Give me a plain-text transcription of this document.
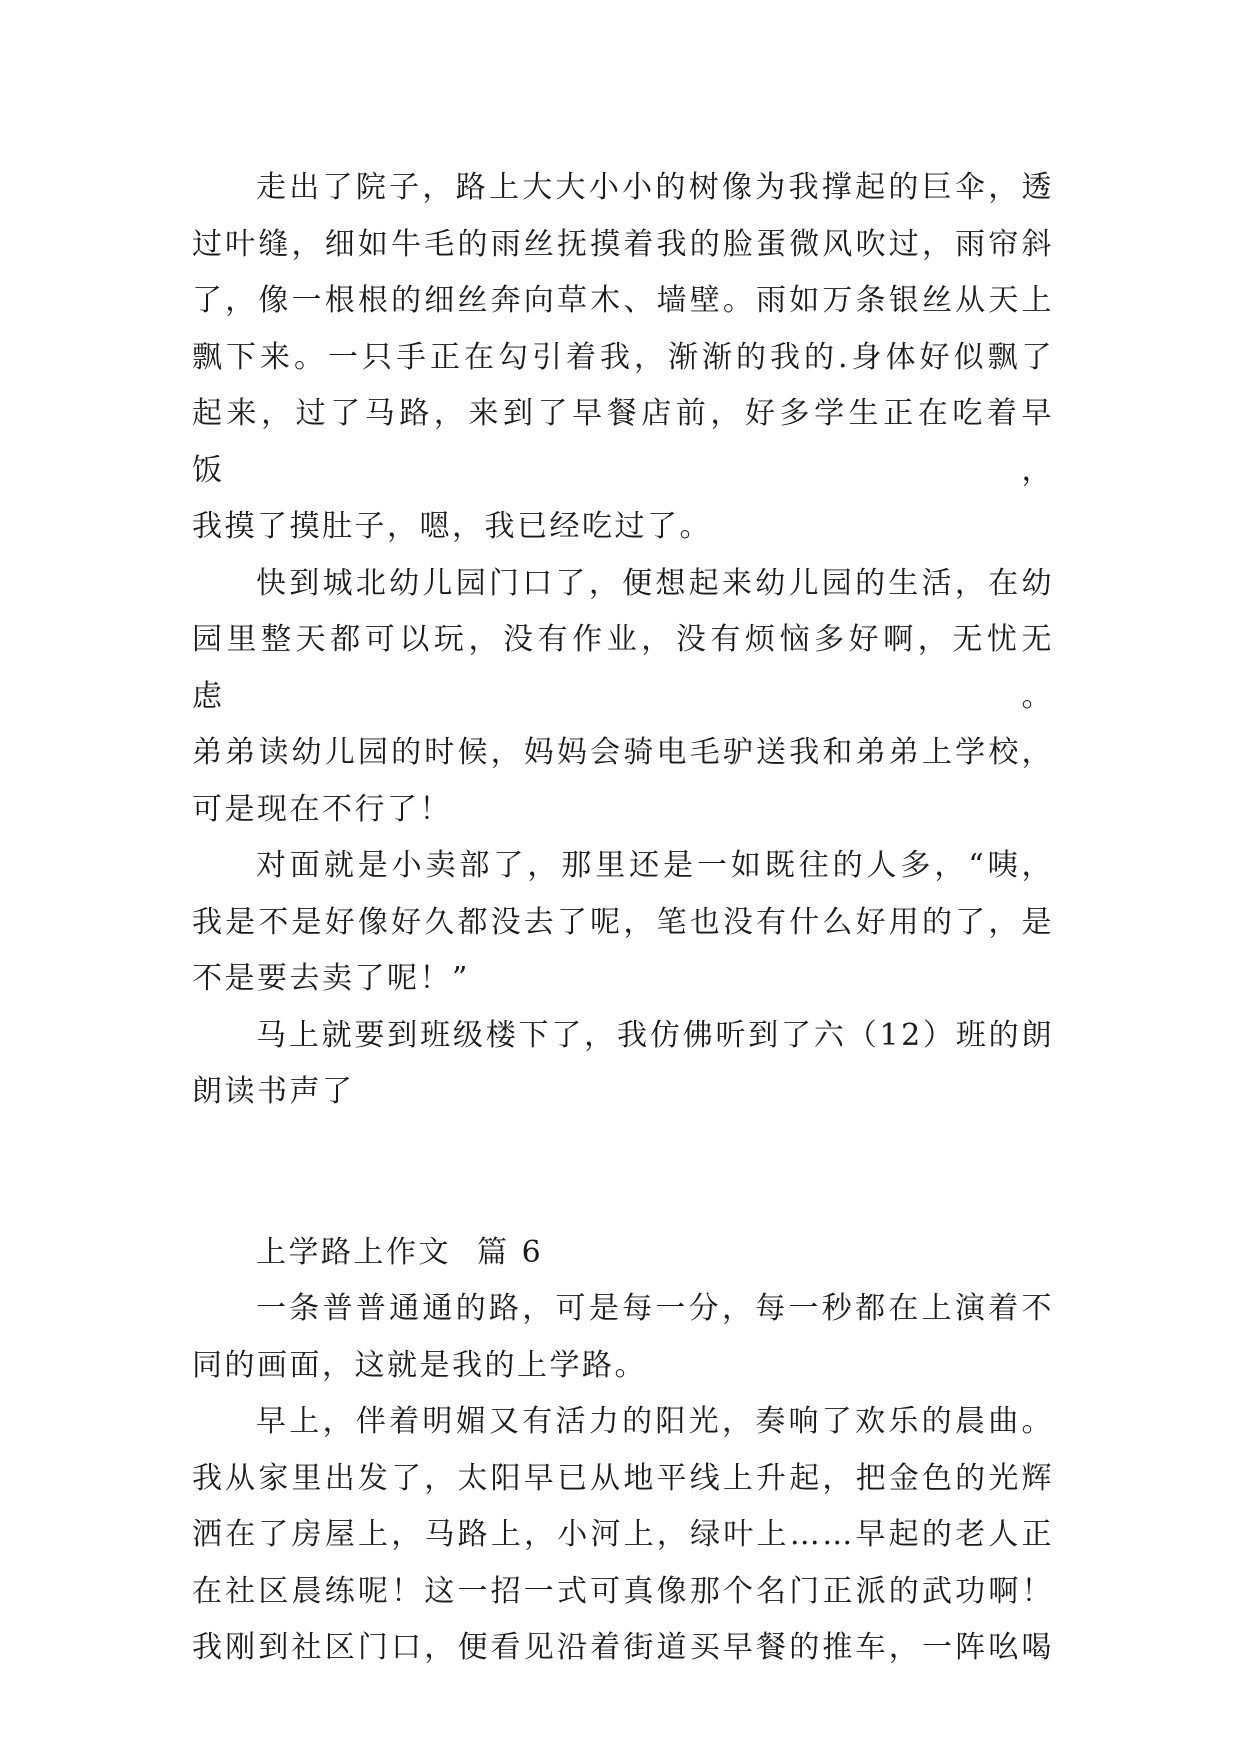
走出了院子，路上大大小小的树像为我撑起的巨伞，透
过叶缝，细如牛毛的雨丝抚摸着我的脸蛋微风吹过，雨帘斜
了，像一根根的细丝奔向草木、墙壁。雨如万条银丝从天上
飘下来。一只手正在勾引着我，渐渐的我的.身体好似飘了
起来，过了马路，来到了早餐店前，好多学生正在吃着早饭，
我摸了摸肚子，嗯，我已经吃过了。

快到城北幼儿园门口了，便想起来幼儿园的生活，在幼
园里整天都可以玩，没有作业，没有烦恼多好啊，无忧无虑。
弟弟读幼儿园的时候，妈妈会骑电毛驴送我和弟弟上学校，
可是现在不行了！

对面就是小卖部了，那里还是一如既往的人多，“咦，
我是不是好像好久都没去了呢，笔也没有什么好用的了，是
不是要去卖了呢！”

马上就要到班级楼下了，我仿佛听到了六（12）班的朗
朗读书声了

上学路上作文 篇 6

一条普普通通的路，可是每一分，每一秒都在上演着不
同的画面，这就是我的上学路。

早上，伴着明媚又有活力的阳光，奏响了欢乐的晨曲。
我从家里出发了，太阳早已从地平线上升起，把金色的光辉
洒在了房屋上，马路上，小河上，绿叶上……早起的老人正
在社区晨练呢！这一招一式可真像那个名门正派的武功啊！
我刚到社区门口，便看见沿着街道买早餐的推车，一阵吆喝
